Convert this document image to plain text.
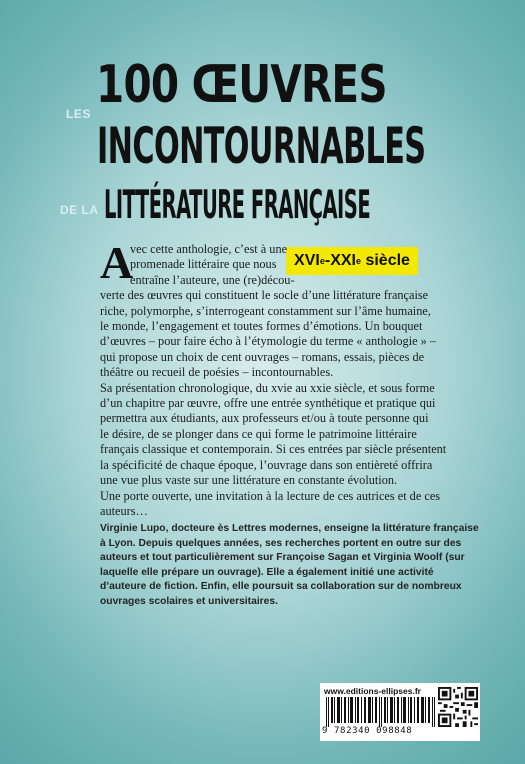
LES 100 ŒUVRES
INCONTOURNABLES
DE LA LITTÉRATURE FRANÇAISE
XVI e -XXI e siècle
A
vec cette anthologie, c’est à une
promenade littéraire que nous
entraîne l’auteure, une (re)décou-
verte des œuvres qui constituent le socle d’une littérature française
riche, polymorphe, s’interrogeant constamment sur l’âme humaine,
le monde, l’engagement et toutes formes d’émotions. Un bouquet
d’œuvres – pour faire écho à l’étymologie du terme « anthologie » –
qui propose un choix de cent ouvrages – romans, essais, pièces de
théâtre ou recueil de poésies – incontournables.
Sa présentation chronologique, du xvie au xxie siècle, et sous forme
d’un chapitre par œuvre, offre une entrée synthétique et pratique qui
permettra aux étudiants, aux professeurs et/ou à toute personne qui
le désire, de se plonger dans ce qui forme le patrimoine littéraire
français classique et contemporain. Si ces entrées par siècle présentent
la spécificité de chaque époque, l’ouvrage dans son entièreté offrira
une vue plus vaste sur une littérature en constante évolution.
Une porte ouverte, une invitation à la lecture de ces autrices et de ces
auteurs…
Virginie Lupo, docteure ès Lettres modernes, enseigne la littérature française
à Lyon. Depuis quelques années, ses recherches portent en outre sur des
auteurs et tout particulièrement sur Françoise Sagan et Virginia Woolf (sur
laquelle elle prépare un ouvrage). Elle a également initié une activité
d’auteure de fiction. Enfin, elle poursuit sa collaboration sur de nombreux
ouvrages scolaires et universitaires.
www.editions-ellipses.fr
9 782340 098848
